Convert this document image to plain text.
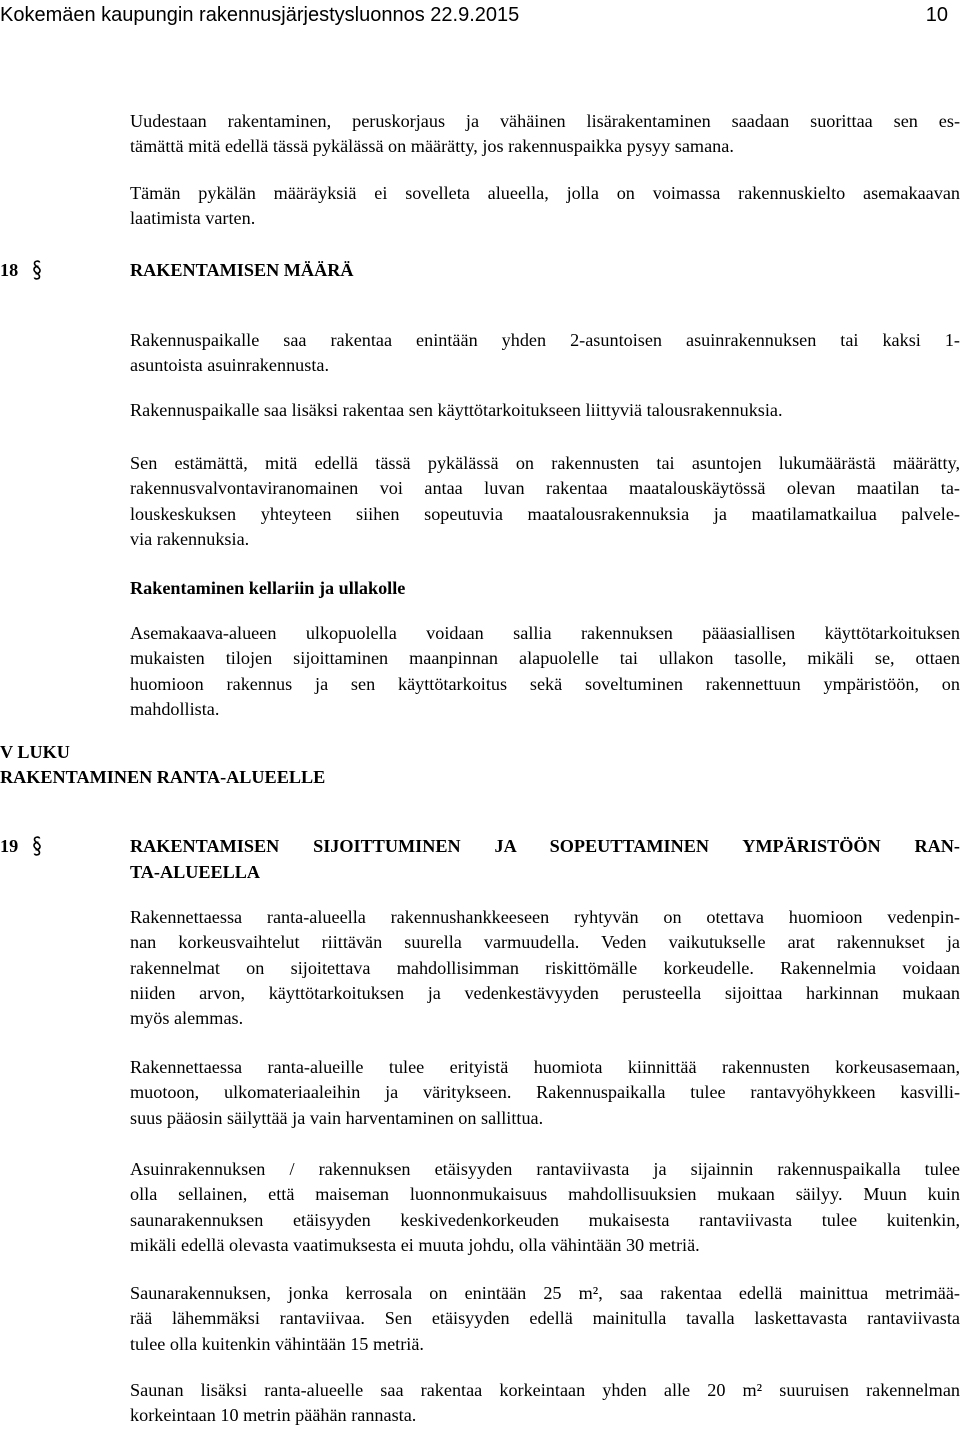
Kokemäen kaupungin rakennusjärjestysluonnos 22.9.2015	10
Uudestaan rakentaminen, peruskorjaus ja vähäinen lisärakentaminen saadaan suorittaa sen es-
tämättä mitä edellä tässä pykälässä on määrätty, jos rakennuspaikka pysyy samana.
Tämän pykälän määräyksiä ei sovelleta alueella, jolla on voimassa rakennuskielto asemakaavan
laatimista varten.
18	RAKENTAMISEN MÄÄRÄ
Rakennuspaikalle saa rakentaa enintään yhden 2-asuntoisen asuinrakennuksen tai kaksi 1-
asuntoista asuinrakennusta.
Rakennuspaikalle saa lisäksi rakentaa sen käyttötarkoitukseen liittyviä talousrakennuksia.
Sen estämättä, mitä edellä tässä pykälässä on rakennusten tai asuntojen lukumäärästä määrätty,
rakennusvalvontaviranomainen voi antaa luvan rakentaa maatalouskäytössä olevan maatilan ta-
louskeskuksen yhteyteen siihen sopeutuvia maatalousrakennuksia ja maatilamatkailua palvele-
via rakennuksia.
Rakentaminen kellariin ja ullakolle
Asemakaava-alueen ulkopuolella voidaan sallia rakennuksen pääasiallisen käyttötarkoituksen
mukaisten tilojen sijoittaminen maanpinnan alapuolelle tai ullakon tasolle, mikäli se, ottaen
huomioon rakennus ja sen käyttötarkoitus sekä soveltuminen rakennettuun ympäristöön, on
mahdollista.
V LUKU
RAKENTAMINEN RANTA-ALUEELLE
19	RAKENTAMISEN SIJOITTUMINEN JA SOPEUTTAMINEN YMPÄRISTÖÖN RAN-
TA-ALUEELLA
Rakennettaessa ranta-alueella rakennushankkeeseen ryhtyvän on otettava huomioon vedenpin-
nan korkeusvaihtelut riittävän suurella varmuudella. Veden vaikutukselle arat rakennukset ja
rakennelmat on sijoitettava mahdollisimman riskittömälle korkeudelle. Rakennelmia voidaan
niiden arvon, käyttötarkoituksen ja vedenkestävyyden perusteella sijoittaa harkinnan mukaan
myös alemmas.
Rakennettaessa ranta-alueille tulee erityistä huomiota kiinnittää rakennusten korkeusasemaan,
muotoon, ulkomateriaaleihin ja väritykseen. Rakennuspaikalla tulee rantavyöhykkeen kasvilli-
suus pääosin säilyttää ja vain harventaminen on sallittua.
Asuinrakennuksen / rakennuksen etäisyyden rantaviivasta ja sijainnin rakennuspaikalla tulee
olla sellainen, että maiseman luonnonmukaisuus mahdollisuuksien mukaan säilyy. Muun kuin
saunarakennuksen etäisyyden keskivedenkorkeuden mukaisesta rantaviivasta tulee kuitenkin,
mikäli edellä olevasta vaatimuksesta ei muuta johdu, olla vähintään 30 metriä.
Saunarakennuksen, jonka kerrosala on enintään 25 m², saa rakentaa edellä mainittua metrimää-
rää lähemmäksi rantaviivaa. Sen etäisyyden edellä mainitulla tavalla laskettavasta rantaviivasta
tulee olla kuitenkin vähintään 15 metriä.
Saunan lisäksi ranta-alueelle saa rakentaa korkeintaan yhden alle 20 m² suuruisen rakennelman
korkeintaan 10 metrin päähän rannasta.
